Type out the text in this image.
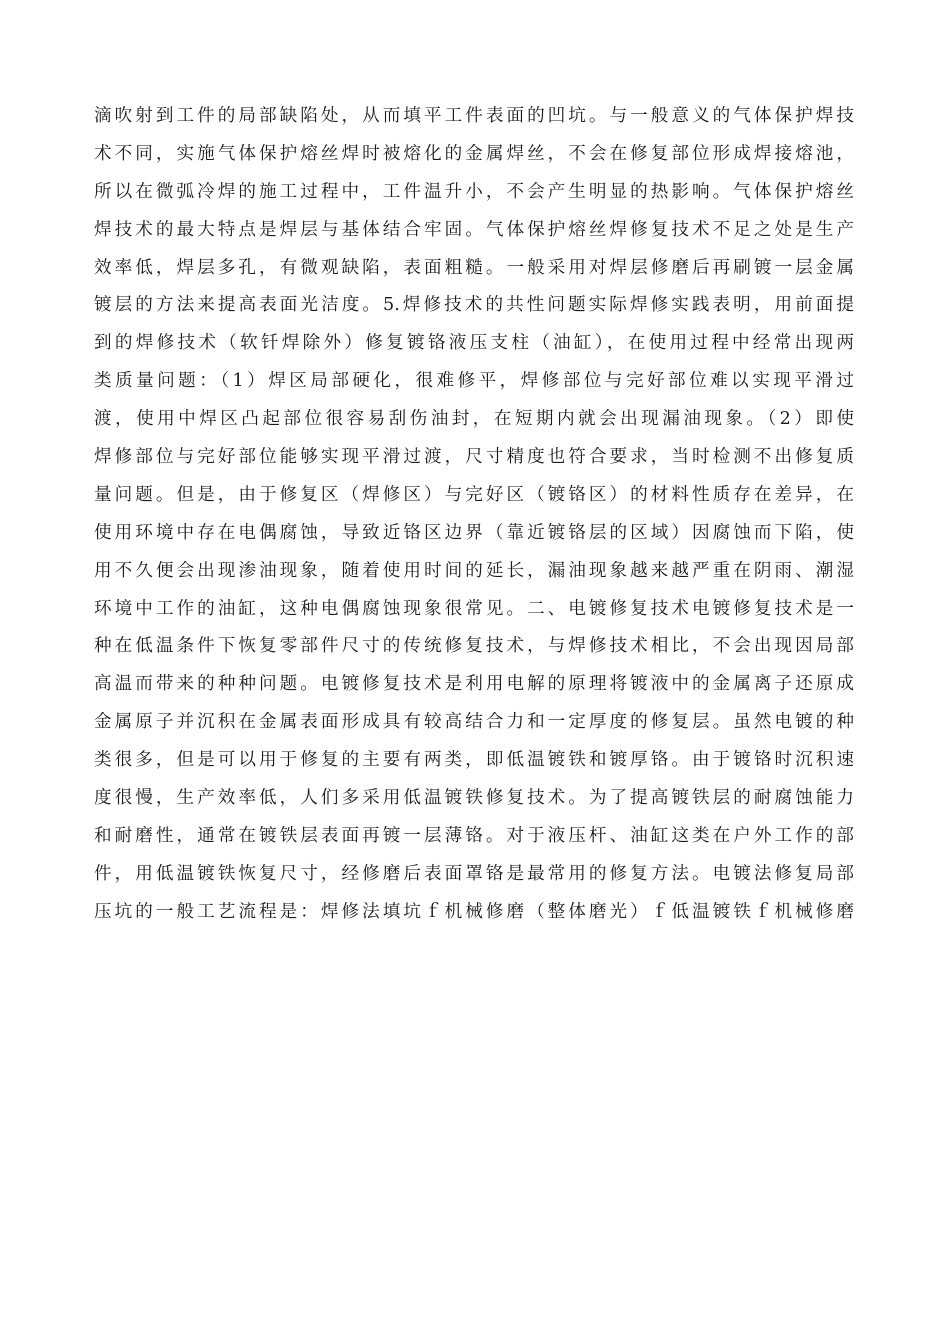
滴吹射到工件的局部缺陷处，从而填平工件表面的凹坑。与一般意义的气体保护焊技
术不同，实施气体保护熔丝焊时被熔化的金属焊丝，不会在修复部位形成焊接熔池，
所以在微弧冷焊的施工过程中，工件温升小，不会产生明显的热影响。气体保护熔丝
焊技术的最大特点是焊层与基体结合牢固。气体保护熔丝焊修复技术不足之处是生产
效率低，焊层多孔，有微观缺陷，表面粗糙。一般采用对焊层修磨后再刷镀一层金属
镀层的方法来提高表面光洁度。5.焊修技术的共性问题实际焊修实践表明，用前面提
到的焊修技术（软钎焊除外）修复镀铬液压支柱（油缸），在使用过程中经常出现两
类质量问题：（1）焊区局部硬化，很难修平，焊修部位与完好部位难以实现平滑过
渡，使用中焊区凸起部位很容易刮伤油封，在短期内就会出现漏油现象。（2）即使
焊修部位与完好部位能够实现平滑过渡，尺寸精度也符合要求，当时检测不出修复质
量问题。但是，由于修复区（焊修区）与完好区（镀铬区）的材料性质存在差异，在
使用环境中存在电偶腐蚀，导致近铬区边界（靠近镀铬层的区域）因腐蚀而下陷，使
用不久便会出现渗油现象，随着使用时间的延长，漏油现象越来越严重在阴雨、潮湿
环境中工作的油缸，这种电偶腐蚀现象很常见。二、电镀修复技术电镀修复技术是一
种在低温条件下恢复零部件尺寸的传统修复技术，与焊修技术相比，不会出现因局部
高温而带来的种种问题。电镀修复技术是利用电解的原理将镀液中的金属离子还原成
金属原子并沉积在金属表面形成具有较高结合力和一定厚度的修复层。虽然电镀的种
类很多，但是可以用于修复的主要有两类，即低温镀铁和镀厚铬。由于镀铬时沉积速
度很慢，生产效率低，人们多采用低温镀铁修复技术。为了提高镀铁层的耐腐蚀能力
和耐磨性，通常在镀铁层表面再镀一层薄铬。对于液压杆、油缸这类在户外工作的部
件，用低温镀铁恢复尺寸，经修磨后表面罩铬是最常用的修复方法。电镀法修复局部
压坑的一般工艺流程是：焊修法填坑ｆ机械修磨（整体磨光）ｆ低温镀铁ｆ机械修磨
